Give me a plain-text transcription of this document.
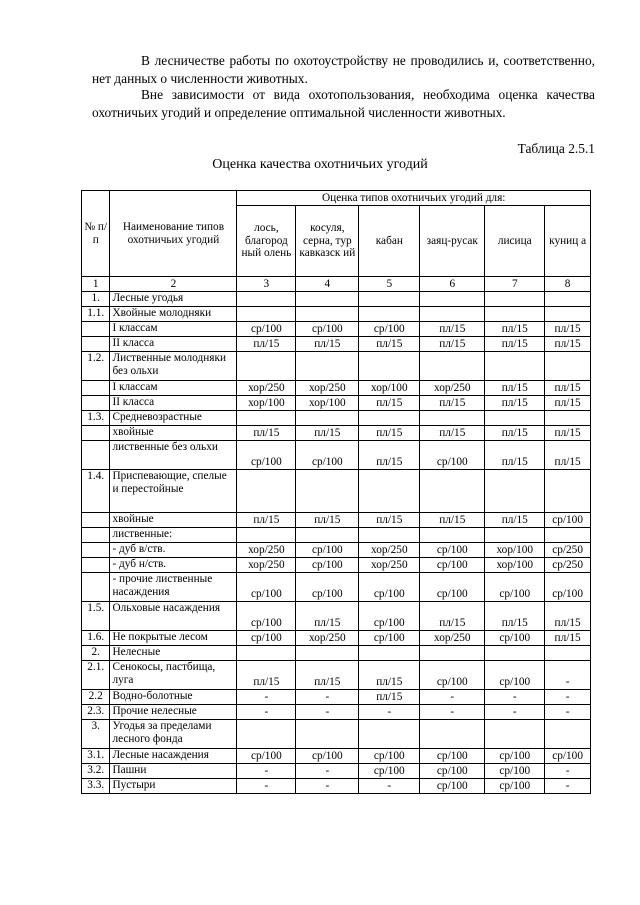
В лесничестве работы по охотоустройству не проводились и, соответственно, нет данных о численности животных.

Вне зависимости от вида охотопользования, необходима оценка качества охотничьих угодий и определение оптимальной численности животных.

Таблица 2.5.1

Оценка качества охотничьих угодий

№ п/п	Наименование типов охотничьих угодий	Оценка типов охотничьих угодий для:					
		лось, благород ный олень	косуля, серна, тур кавказск ий	кабан	заяц-русак	лисица	куниц а
1	2	3	4	5	6	7	8
1.	Лесные угодья						
1.1.	Хвойные молодняки						
	I классам	ср/100	ср/100	ср/100	пл/15	пл/15	пл/15
	II класса	пл/15	пл/15	пл/15	пл/15	пл/15	пл/15
1.2.	Лиственные молодняки без ольхи						
	I классам	хор/250	хор/250	хор/100	хор/250	пл/15	пл/15
	II класса	хор/100	хор/100	пл/15	пл/15	пл/15	пл/15
1.3.	Средневозрастные						
	хвойные	пл/15	пл/15	пл/15	пл/15	пл/15	пл/15
	лиственные без ольхи	ср/100	ср/100	пл/15	ср/100	пл/15	пл/15
1.4.	Приспевающие, спелые и перестойные						
	хвойные	пл/15	пл/15	пл/15	пл/15	пл/15	ср/100
	лиственные:						
	- дуб в/ств.	хор/250	ср/100	хор/250	ср/100	хор/100	ср/250
	- дуб н/ств.	хор/250	ср/100	хор/250	ср/100	хор/100	ср/250
	- прочие лиственные насаждения	ср/100	ср/100	ср/100	ср/100	ср/100	ср/100
1.5.	Ольховые насаждения	ср/100	пл/15	ср/100	пл/15	пл/15	пл/15
1.6.	Не покрытые лесом	ср/100	хор/250	ср/100	хор/250	ср/100	пл/15
2.	Нелесные						
2.1.	Сенокосы, пастбища, луга	пл/15	пл/15	пл/15	ср/100	ср/100	-
2.2	Водно-болотные	-	-	пл/15	-	-	-
2.3.	Прочие нелесные	-	-	-	-	-	-
3.	Угодья за пределами лесного фонда						
3.1.	Лесные насаждения	ср/100	ср/100	ср/100	ср/100	ср/100	ср/100
3.2.	Пашни	-	-	ср/100	ср/100	ср/100	-
3.3.	Пустыри	-	-	-	ср/100	ср/100	-
